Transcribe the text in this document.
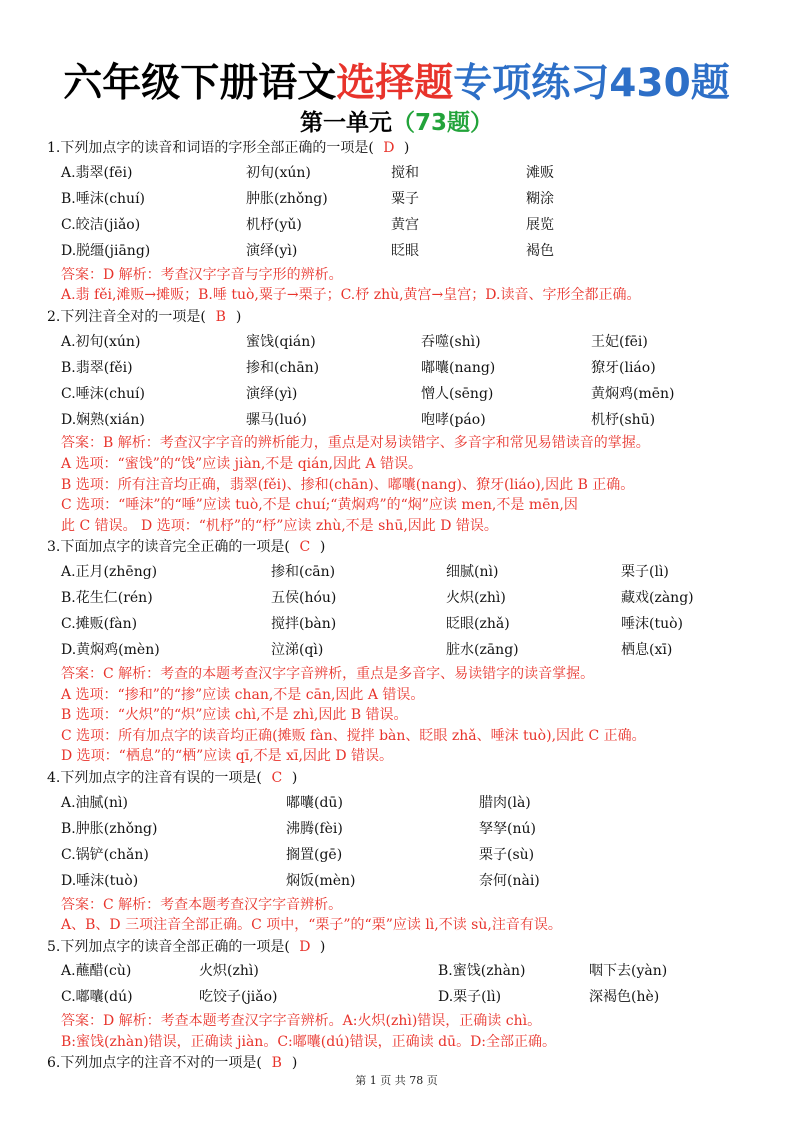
六年级下册语文选择题专项练习430题
第一单元（73题）

1.下列加点字的读音和词语的字形全部正确的一项是( D )

A.翡翠(fēi)	初旬(xún)	搅和	滩贩
B.唾沫(chuí)	肿胀(zhǒng)	粟子	糊涂
C.皎洁(jiǎo)	机杼(yǔ)	黄宫	展览
D.脱缰(jiāng)	演绎(yì)	眨眼	褐色

答案：D 解析：考查汉字字音与字形的辨析。

A.翡 fěi,滩贩→摊贩；B.唾 tuò,粟子→栗子；C.杼 zhù,黄宫→皇宫；D.读音、字形全都正确。

2.下列注音全对的一项是( B )

A.初旬(xún)	蜜饯(qián)	吞噬(shì)	王妃(fēi)
B.翡翠(fěi)	掺和(chān)	嘟囔(nang)	獠牙(liáo)
C.唾沫(chuí)	演绎(yì)	憎人(sēng)	黄焖鸡(mēn)
D.娴熟(xián)	骡马(luó)	咆哮(páo)	机杼(shū)

答案：B 解析：考查汉字字音的辨析能力，重点是对易读错字、多音字和常见易错读音的掌握。

A 选项：“蜜饯”的“饯”应读 jiàn,不是 qián,因此 A 错误。

B 选项：所有注音均正确，翡翠(fěi)、掺和(chān)、嘟囔(nang)、獠牙(liáo),因此 B 正确。

C 选项：“唾沫”的“唾”应读 tuò,不是 chuí;“黄焖鸡”的“焖”应读 men,不是 mēn,因

此 C 错误。 D 选项：“机杼”的“杼”应读 zhù,不是 shū,因此 D 错误。

3.下面加点字的读音完全正确的一项是( C )

A.正月(zhēng)	掺和(cān)	细腻(nì)	栗子(lì)
B.花生仁(rén)	五侯(hóu)	火炽(zhì)	藏戏(zàng)
C.摊贩(fàn)	搅拌(bàn)	眨眼(zhǎ)	唾沫(tuò)
D.黄焖鸡(mèn)	泣涕(qì)	脏水(zāng)	栖息(xī)

答案：C 解析：考查的本题考查汉字字音辨析，重点是多音字、易读错字的读音掌握。

A 选项：“掺和”的“掺”应读 chan,不是 cān,因此 A 错误。

B 选项：“火炽”的“炽”应读 chì,不是 zhì,因此 B 错误。

C 选项：所有加点字的读音均正确(摊贩 fàn、搅拌 bàn、眨眼 zhǎ、唾沫 tuò),因此 C 正确。

D 选项：“栖息”的“栖”应读 qī,不是 xī,因此 D 错误。

4.下列加点字的注音有误的一项是( C )

A.油腻(nì)	嘟囔(dū)	腊肉(là)
B.肿胀(zhǒng)	沸腾(fèi)	孥孥(nú)
C.锅铲(chǎn)	搁置(gē)	栗子(sù)
D.唾沫(tuò)	焖饭(mèn)	奈何(nài)

答案：C 解析：考查本题考查汉字字音辨析。

A、B、D 三项注音全部正确。C 项中，“栗子”的“栗”应读 lì,不读 sù,注音有误。

5.下列加点字的读音全部正确的一项是( D )

A.蘸醋(cù)	火炽(zhì)	B.蜜饯(zhàn)	咽下去(yàn)
C.嘟囔(dú)	吃饺子(jiǎo)	D.栗子(lì)	深褐色(hè)

答案：D 解析：考查本题考查汉字字音辨析。A:火炽(zhì)错误，正确读 chì。

B:蜜饯(zhàn)错误，正确读 jiàn。C:嘟囔(dú)错误，正确读 dū。D:全部正确。

6.下列加点字的注音不对的一项是( B )

第 1 页 共 78 页
